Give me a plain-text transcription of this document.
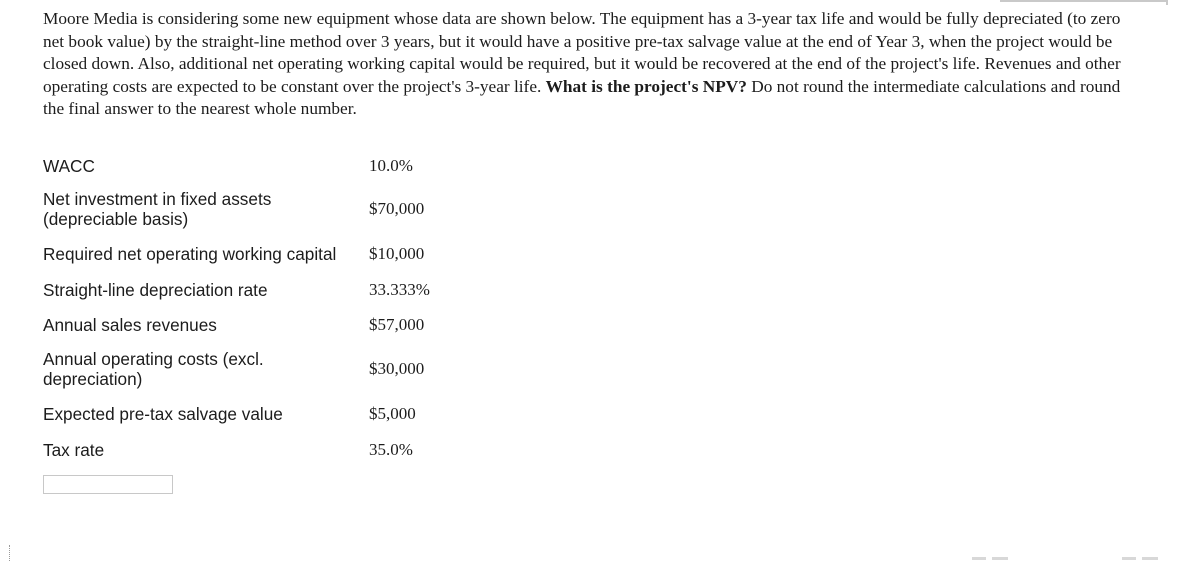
Moore Media is considering some new equipment whose data are shown below. The equipment has a 3-year tax life and would be fully depreciated (to zero net book value) by the straight-line method over 3 years, but it would have a positive pre-tax salvage value at the end of Year 3, when the project would be closed down. Also, additional net operating working capital would be required, but it would be recovered at the end of the project's life. Revenues and other operating costs are expected to be constant over the project's 3-year life. What is the project's NPV? Do not round the intermediate calculations and round the final answer to the nearest whole number.
WACC	10.0%

Net investment in fixed assets (depreciable basis)	$70,000
Required net operating working capital	$10,000
Straight-line depreciation rate	33.333%
Annual sales revenues	$57,000

Annual operating costs (excl. depreciation)	$30,000
Expected pre-tax salvage value	$5,000
Tax rate	35.0%
